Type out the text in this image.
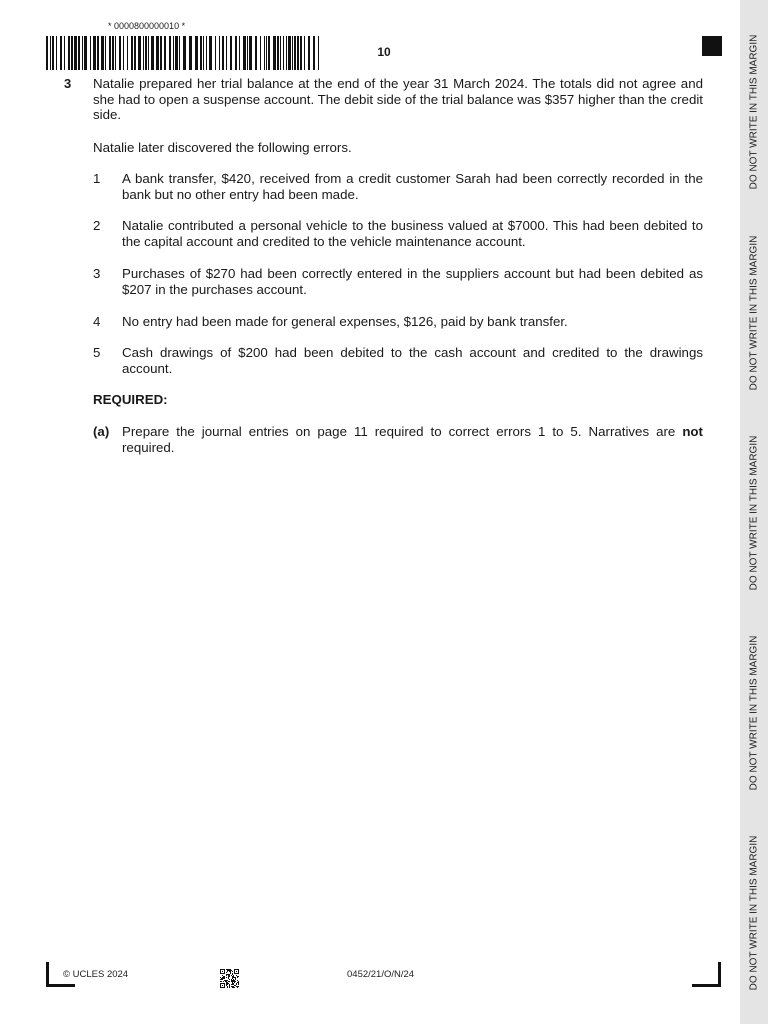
DO NOT WRITE IN THIS MARGIN
DO NOT WRITE IN THIS MARGIN
DO NOT WRITE IN THIS MARGIN
DO NOT WRITE IN THIS MARGIN
DO NOT WRITE IN THIS MARGIN
* 0000800000010 *
10
3 Natalie prepared her trial balance at the end of the year 31 March 2024. The totals did not agree and she had to open a suspense account. The debit side of the trial balance was $357 higher than the credit side.
Natalie later discovered the following errors.
1 A bank transfer, $420, received from a credit customer Sarah had been correctly recorded in the bank but no other entry had been made.
2 Natalie contributed a personal vehicle to the business valued at $7000. This had been debited to the capital account and credited to the vehicle maintenance account.
3 Purchases of $270 had been correctly entered in the suppliers account but had been debited as $207 in the purchases account.
4 No entry had been made for general expenses, $126, paid by bank transfer.
5 Cash drawings of $200 had been debited to the cash account and credited to the drawings account.
REQUIRED:
(a) Prepare the journal entries on page 11 required to correct errors 1 to 5. Narratives are not required.
© UCLES 2024	0452/21/O/N/24
